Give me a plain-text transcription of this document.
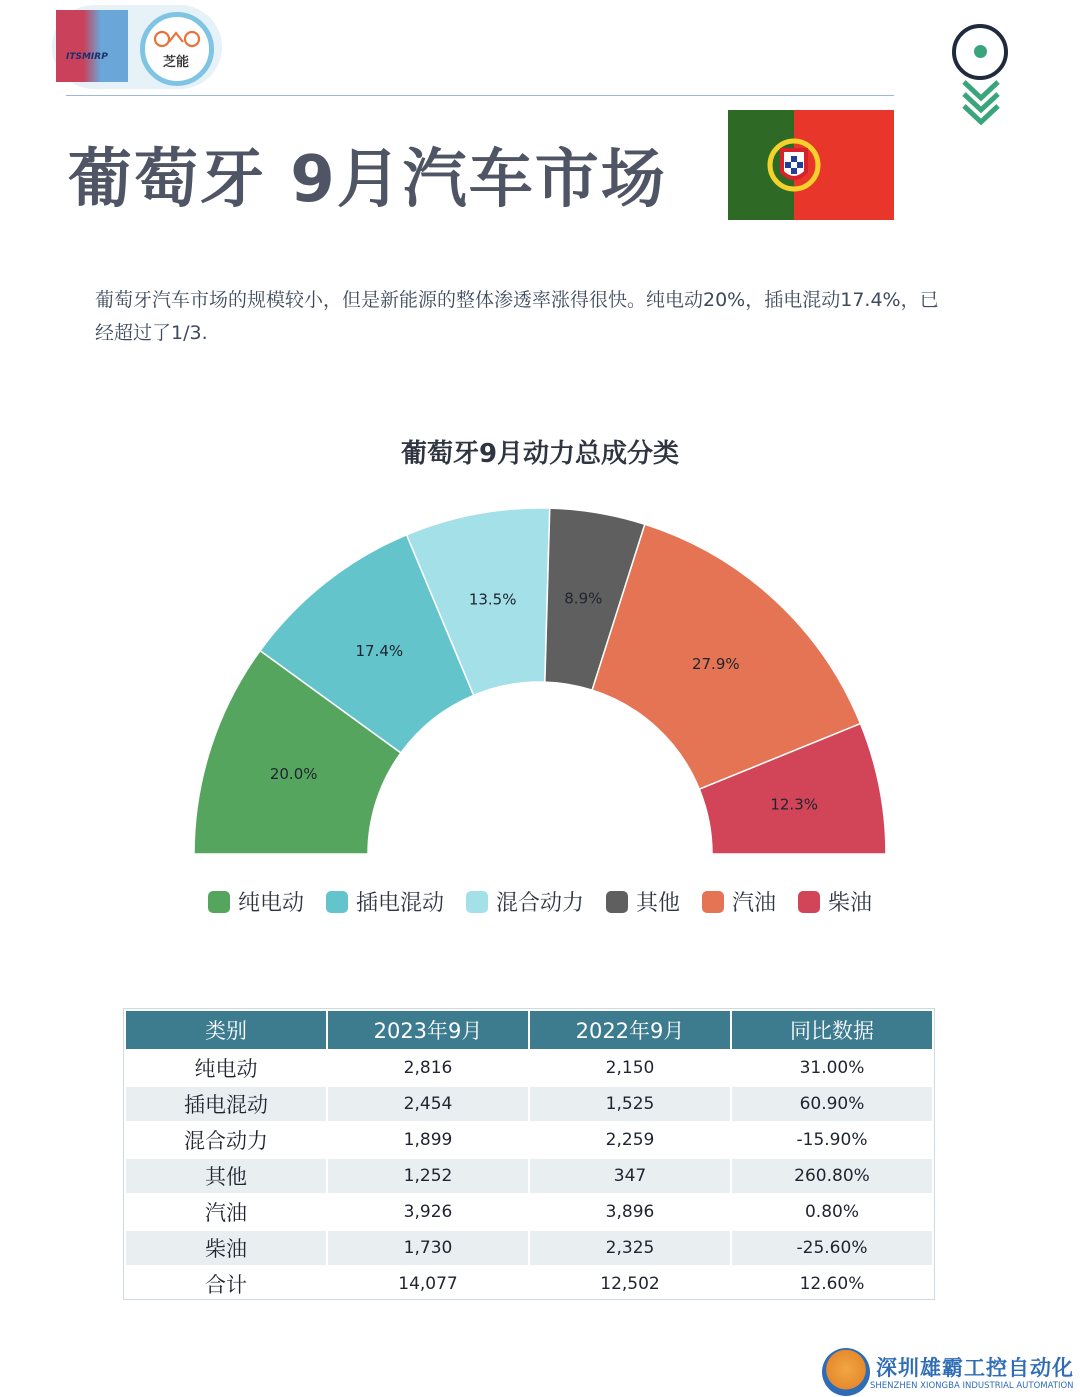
ITSMIRP	芝能
葡萄牙 9月汽车市场

葡萄牙汽车市场的规模较小，但是新能源的整体渗透率涨得很快。纯电动20%，插电混动17.4%，已经超过了1/3.

葡萄牙9月动力总成分类
20.0%
17.4%
13.5%	8.9%
27.9%
12.3%
纯电动 插电混动 混合动力 其他 汽油 柴油
类别	2023年9月	2022年9月	同比数据
纯电动	2,816	2,150	31.00%
插电混动	2,454	1,525	60.90%
混合动力	1,899	2,259	-15.90%
其他	1,252	347	260.80%
汽油	3,926	3,896	0.80%
柴油	1,730	2,325	-25.60%
合计	14,077	12,502	12.60%
深圳雄霸工控自动化
SHENZHEN XIONGBA INDUSTRIAL AUTOMATION
